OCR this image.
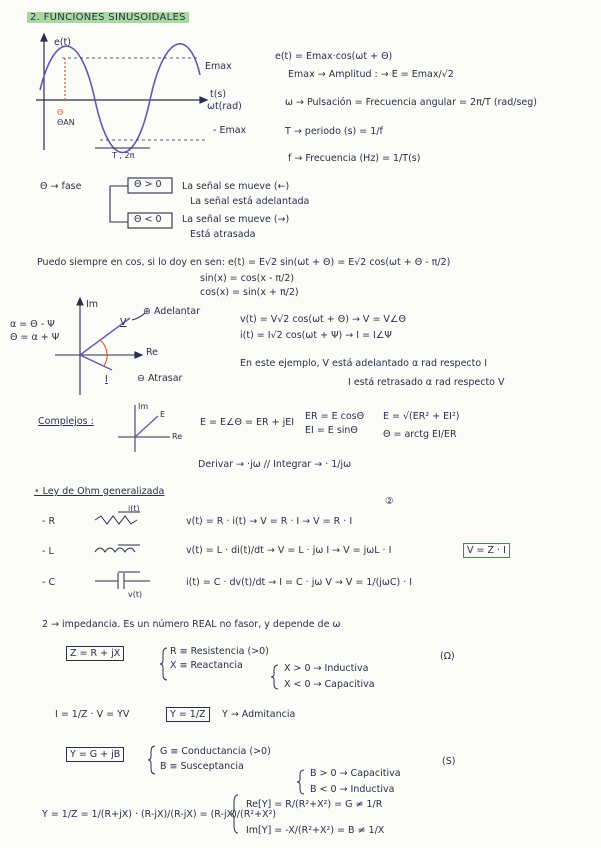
2. FUNCIONES SINUSOIDALES
e(t)
Emax
t(s)
ωt(rad)
- Emax
Θ
ΘAN
T , 2π
e(t) = Emax·cos(ωt + Θ)
Emax → Amplitud : → E = Emax/√2
ω → Pulsación = Frecuencia angular = 2π/T (rad/seg)
T → periodo (s) = 1/f
f → Frecuencia (Hz) = 1/T(s)
Θ → fase	Θ > 0 La señal se mueve (←)
La señal está adelantada
Θ < 0 La señal se mueve (→)
Está atrasada
Puedo siempre en cos, si lo doy en sen: e(t) = E√2 sin(ωt + Θ) = E√2 cos(ωt + Θ - π/2)
sin(x) = cos(x - π/2)
cos(x) = sin(x + π/2)
α = Θ - Ψ
Θ = α + Ψ
Im
Re
V
I
⊕ Adelantar
⊖ Atrasar
v(t) = V√2 cos(ωt + Θ) → V = V∠Θ
i(t) = I√2 cos(ωt + Ψ) → I = I∠Ψ
En este ejemplo, V está adelantado α rad respecto I
I está retrasado α rad respecto V
Complejos :
Im
Re
E
E = E∠Θ = ER + jEI
ER = E cosΘ
EI = E sinΘ
E = √(ER² + EI²)
Θ = arctg EI/ER
Derivar → ·jω // Integrar → · 1/jω
• Ley de Ohm generalizada
②
- R
- L
- C
i(t)
v(t)
v(t) = R · i(t) → V = R · I → V = R · I
v(t) = L · di(t)/dt → V = L · jω I → V = jωL · I
i(t) = C · dv(t)/dt → I = C · jω V → V = 1/(jωC) · I
V = Z · I
2 → impedancia. Es un número REAL no fasor, y depende de ω
Z = R + jX	R ≡ Resistencia (>0)
X ≡ Reactancia	X > 0 → Inductiva
X < 0 → Capacitiva
(Ω)
I = 1/Z · V = YV	Y = 1/Z	Y → Admitancia
Y = G + jB	G ≡ Conductancia (>0)
B ≡ Susceptancia
B > 0 → Capacitiva
B < 0 → Inductiva
(S)
Y = 1/Z = 1/(R+jX) · (R-jX)/(R-jX) = (R-jX)/(R²+X²)
Re[Y] = R/(R²+X²) = G ≠ 1/R
Im[Y] = -X/(R²+X²) = B ≠ 1/X
